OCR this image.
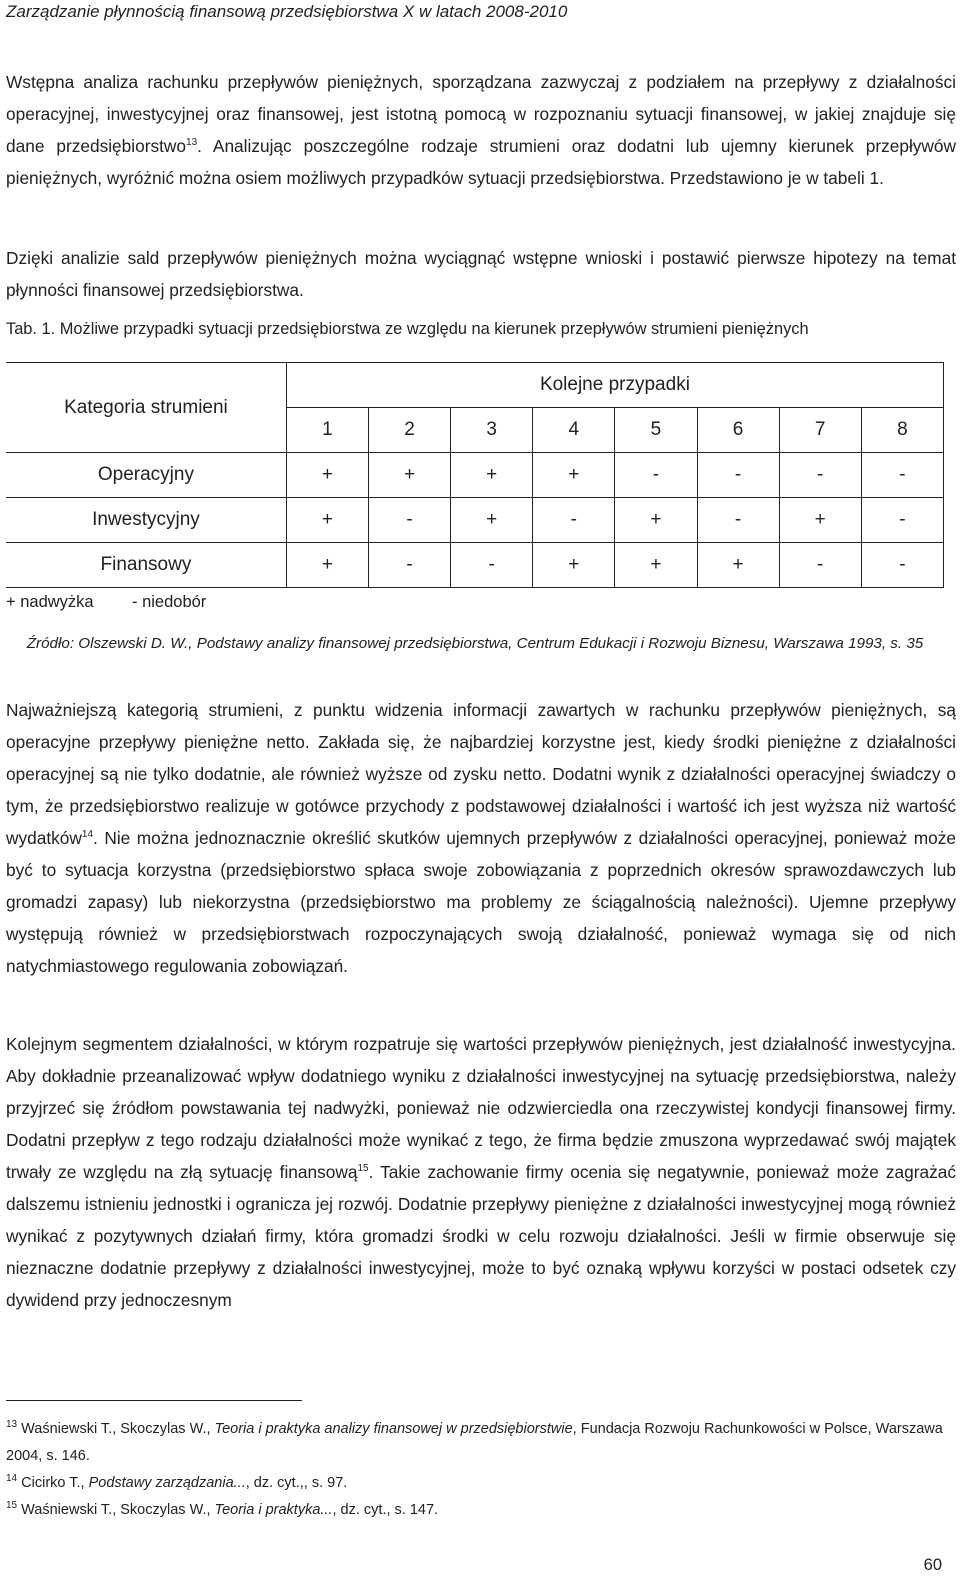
Zarządzanie płynnością finansową przedsiębiorstwa X w latach 2008-2010
Wstępna analiza rachunku przepływów pieniężnych, sporządzana zazwyczaj z podziałem na przepływy z działalności operacyjnej, inwestycyjnej oraz finansowej, jest istotną pomocą w rozpoznaniu sytuacji finansowej, w jakiej znajduje się dane przedsiębiorstwo$^{13}$. Analizując poszczególne rodzaje strumieni oraz dodatni lub ujemny kierunek przepływów pieniężnych, wyróżnić można osiem możliwych przypadków sytuacji przedsiębiorstwa. Przedstawiono je w tabeli 1.
Dzięki analizie sald przepływów pieniężnych można wyciągnąć wstępne wnioski i postawić pierwsze hipotezy na temat płynności finansowej przedsiębiorstwa.
Tab. 1. Możliwe przypadki sytuacji przedsiębiorstwa ze względu na kierunek przepływów strumieni pieniężnych
Kategoria strumieni	Kolejne przypadki							
	1	2	3	4	5	6	7	8
Operacyjny	+	+	+	+	-	-	-	-
Inwestycyjny	+	-	+	-	+	-	+	-
Finansowy	+	-	-	+	+	+	-	-
+ nadwyżka - niedobór
Źródło: Olszewski D. W., Podstawy analizy finansowej przedsiębiorstwa, Centrum Edukacji i Rozwoju Biznesu, Warszawa 1993, s. 35
Najważniejszą kategorią strumieni, z punktu widzenia informacji zawartych w rachunku przepływów pieniężnych, są operacyjne przepływy pieniężne netto. Zakłada się, że najbardziej korzystne jest, kiedy środki pieniężne z działalności operacyjnej są nie tylko dodatnie, ale również wyższe od zysku netto. Dodatni wynik z działalności operacyjnej świadczy o tym, że przedsiębiorstwo realizuje w gotówce przychody z podstawowej działalności i wartość ich jest wyższa niż wartość wydatków$^{14}$. Nie można jednoznacznie określić skutków ujemnych przepływów z działalności operacyjnej, ponieważ może być to sytuacja korzystna (przedsiębiorstwo spłaca swoje zobowiązania z poprzednich okresów sprawozdawczych lub gromadzi zapasy) lub niekorzystna (przedsiębiorstwo ma problemy ze ściągalnością należności). Ujemne przepływy występują również w przedsiębiorstwach rozpoczynających swoją działalność, ponieważ wymaga się od nich natychmiastowego regulowania zobowiązań.
Kolejnym segmentem działalności, w którym rozpatruje się wartości przepływów pieniężnych, jest działalność inwestycyjna. Aby dokładnie przeanalizować wpływ dodatniego wyniku z działalności inwestycyjnej na sytuację przedsiębiorstwa, należy przyjrzeć się źródłom powstawania tej nadwyżki, ponieważ nie odzwierciedla ona rzeczywistej kondycji finansowej firmy. Dodatni przepływ z tego rodzaju działalności może wynikać z tego, że firma będzie zmuszona wyprzedawać swój majątek trwały ze względu na złą sytuację finansową$^{15}$. Takie zachowanie firmy ocenia się negatywnie, ponieważ może zagrażać dalszemu istnieniu jednostki i ogranicza jej rozwój. Dodatnie przepływy pieniężne z działalności inwestycyjnej mogą również wynikać z pozytywnych działań firmy, która gromadzi środki w celu rozwoju działalności. Jeśli w firmie obserwuje się nieznaczne dodatnie przepływy z działalności inwestycyjnej, może to być oznaką wpływu korzyści w postaci odsetek czy dywidend przy jednoczesnym

$^{13}$ Waśniewski T., Skoczylas W., Teoria i praktyka analizy finansowej w przedsiębiorstwie, Fundacja Rozwoju Rachunkowości w Polsce, Warszawa 2004, s. 146.

$^{14}$ Cicirko T., Podstawy zarządzania..., dz. cyt.,, s. 97.

$^{15}$ Waśniewski T., Skoczylas W., Teoria i praktyka..., dz. cyt., s. 147.

60
